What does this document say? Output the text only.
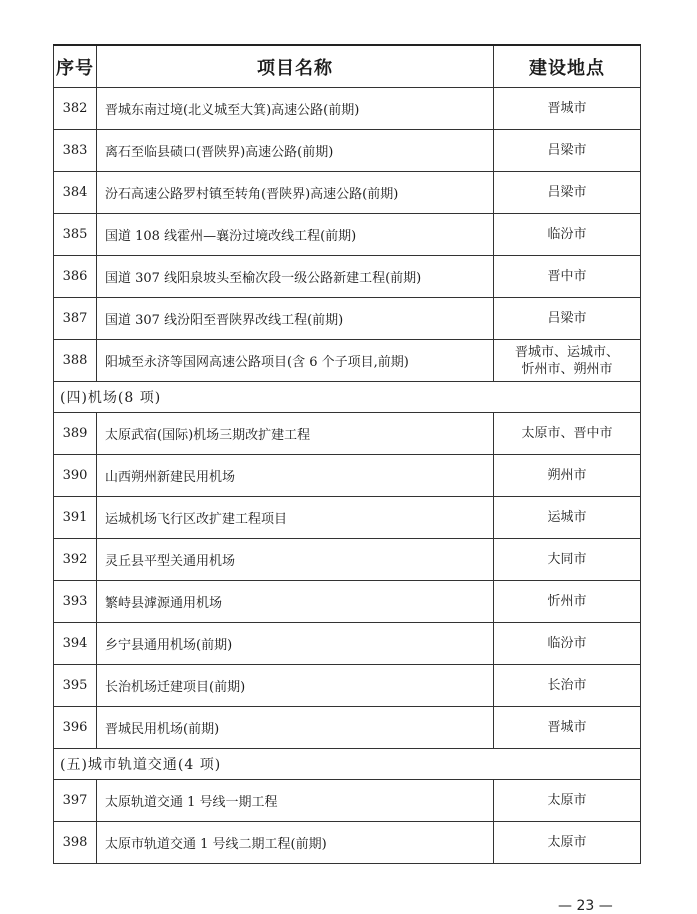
序号	项目名称	建设地点
382	晋城东南过境(北义城至大箕)高速公路(前期)	晋城市
383	离石至临县碛口(晋陕界)高速公路(前期)	吕梁市
384	汾石高速公路罗村镇至转角(晋陕界)高速公路(前期)	吕梁市
385	国道 108 线霍州—襄汾过境改线工程(前期)	临汾市
386	国道 307 线阳泉坡头至榆次段一级公路新建工程(前期)	晋中市
387	国道 307 线汾阳至晋陕界改线工程(前期)	吕梁市
388	阳城至永济等国网高速公路项目(含 6 个子项目,前期)	晋城市、运城市、
忻州市、朔州市

(四)机场(8 项)		
389	太原武宿(国际)机场三期改扩建工程	太原市、晋中市
390	山西朔州新建民用机场	朔州市
391	运城机场飞行区改扩建工程项目	运城市
392	灵丘县平型关通用机场	大同市
393	繁峙县滹源通用机场	忻州市
394	乡宁县通用机场(前期)	临汾市
395	长治机场迁建项目(前期)	长治市
396	晋城民用机场(前期)	晋城市
(五)城市轨道交通(4 项)		
397	太原轨道交通 1 号线一期工程	太原市
398	太原市轨道交通 1 号线二期工程(前期)	太原市
— 23 —
